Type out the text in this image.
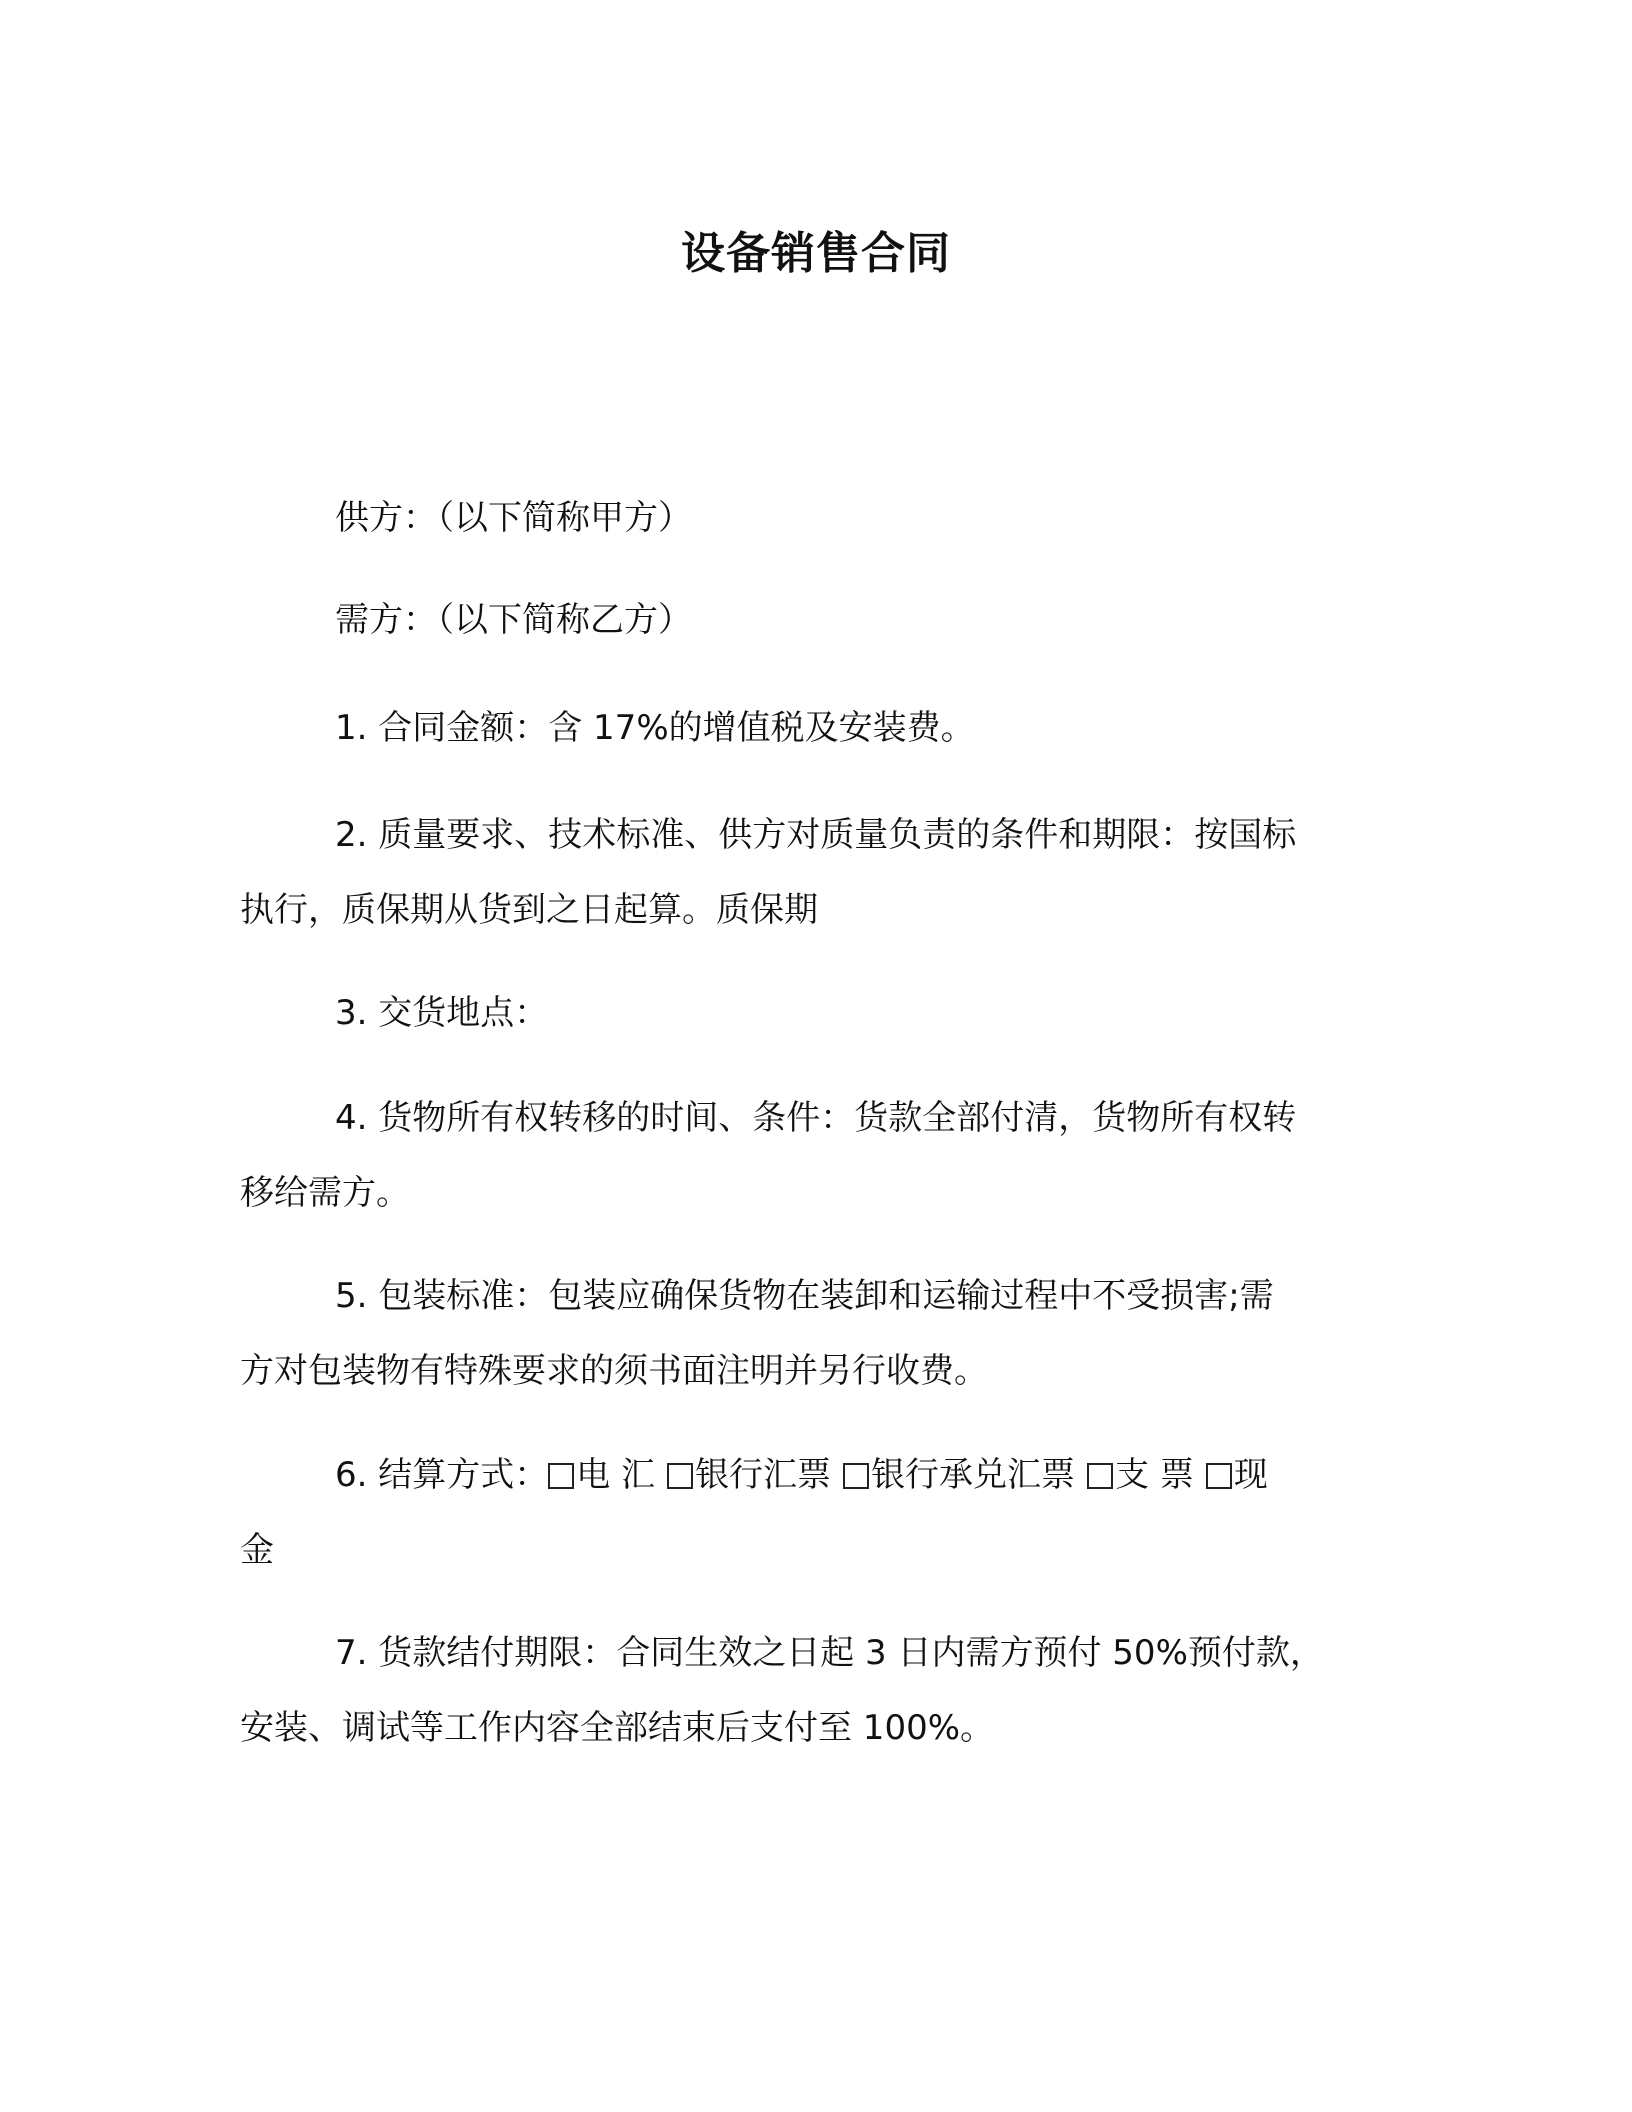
设备销售合同
供方：（以下简称甲方）
需方：（以下简称乙方）
1. 合同金额：含 17%的增值税及安装费。
2. 质量要求、技术标准、供方对质量负责的条件和期限：按国标
执行，质保期从货到之日起算。质保期
3. 交货地点：
4. 货物所有权转移的时间、条件：货款全部付清，货物所有权转
移给需方。
5. 包装标准：包装应确保货物在装卸和运输过程中不受损害;需
方对包装物有特殊要求的须书面注明并另行收费。
6. 结算方式： 电 汇 银行汇票 银行承兑汇票 支 票 现
金
7. 货款结付期限：合同生效之日起 3 日内需方预付 50%预付款，
安装、调试等工作内容全部结束后支付至 100%。
